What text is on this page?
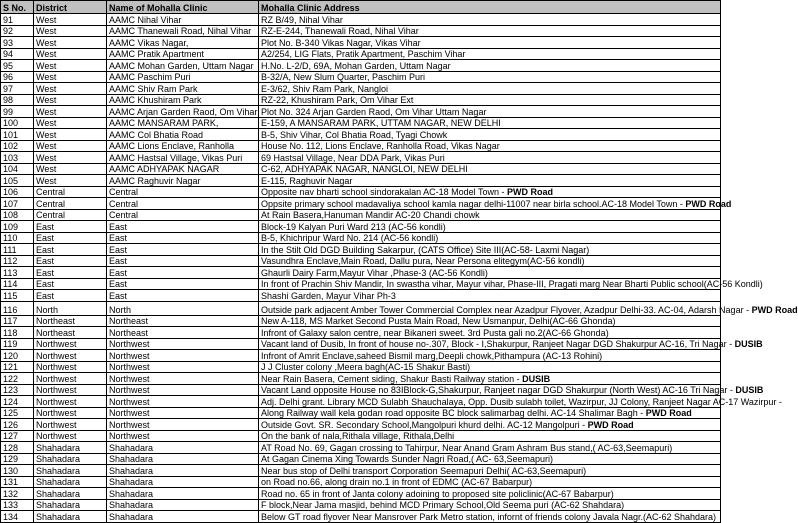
S No.	District	Name of Mohalla Clinic	Mohalla Clinic Address
91	West	AAMC Nihal Vihar	RZ B/49, Nihal Vihar
92	West	AAMC Thanewali Road, Nihal Vihar	RZ-E-244, Thanewali Road, Nihal Vihar
93	West	AAMC Vikas Nagar,	Plot No. B-340 Vikas Nagar, Vikas Vihar
94	West	AAMC Pratik Apartment	A2/254, LIG Flats, Pratik Apartment, Paschim Vihar
95	West	AAMC Mohan Garden, Uttam Nagar	H.No. L-2/D, 69A, Mohan Garden, Uttam Nagar
96	West	AAMC Paschim Puri	B-32/A, New Slum Quarter, Paschim Puri
97	West	AAMC Shiv Ram Park	E-3/62, Shiv Ram Park, Nangloi
98	West	AAMC Khushiram Park	RZ-22, Khushiram Park, Om Vihar Ext
99	West	AAMC Arjan Garden Raod, Om Vihar	Plot No. 324 Arjan Garden Raod, Om Vihar Uttam Nagar
100	West	AAMC MANSARAM PARK,	E-159, A MANSARAM PARK, UTTAM NAGAR, NEW DELHI
101	West	AAMC Col Bhatia Road	B-5, Shiv Vihar, Col Bhatia Road, Tyagi Chowk
102	West	AAMC Lions Enclave, Ranholla	House No. 112, Lions Enclave, Ranholla Road, Vikas Nagar
103	West	AAMC Hastsal Village, Vikas Puri	69 Hastsal Village, Near DDA Park, Vikas Puri
104	West	AAMC ADHYAPAK NAGAR	C-62, ADHYAPAK NAGAR, NANGLOI, NEW DELHI
105	West	AAMC Raghuvir Nagar	E-115, Raghuvir Nagar
106	Central	Central	Opposite nav bharti school sindorakalan AC-18 Model Town - PWD Road
107	Central	Central	Oppsite primary school madavaliya school kamla nagar delhi-11007 near birla school.AC-18 Model Town - PWD Road
108	Central	Central	At Rain Basera,Hanuman Mandir AC-20 Chandi chowk
109	East	East	Block-19 Kalyan Puri Ward 213 (AC-56 kondli)
110	East	East	B-5, Khichripur Ward No. 214 (AC-56 kondli)
111	East	East	In the Stilt Old DGD Building Sakarpur, (CATS Office) Site III(AC-58- Laxmi Nagar)
112	East	East	Vasundhra Enclave,Main Road, Dallu pura, Near Persona elitegym(AC-56 kondli)
113	East	East	Ghaurli Dairy Farm,Mayur Vihar ,Phase-3 (AC-56 Kondli)
114	East	East	In front of Prachin Shiv Mandir, In swastha vihar, Mayur vihar, Phase-III, Pragati marg Near Bharti Public school(AC-56 Kondli)
115	East	East	Shashi Garden, Mayur Vihar Ph-3
116	North	North	Outside park adjacent Amber Tower Commercial Complex near Azadpur Flyover, Azadpur Delhi-33. AC-04, Adarsh Nagar - PWD Road
117	Northeast	Northeast	New A-118, MS Market Second Pusta Main Road, New Usmanpur, Delhi(AC-66 Ghonda)
118	Northeast	Northeast	Infront of Galaxy salon centre, near Bikaneri sweet. 3rd Pusta gali no.2(AC-66 Ghonda)
119	Northwest	Northwest	Vacant land of Dusib, In front of house no-.307, Block - I,Shakurpur, Ranjeet Nagar DGD Shakurpur AC-16, Tri Nagar - DUSIB
120	Northwest	Northwest	Infront of Amrit Enclave,saheed Bismil marg,Deepli chowk,Pithampura (AC-13 Rohini)
121	Northwest	Northwest	J J Cluster colony ,Meera bagh(AC-15 Shakur Basti)
122	Northwest	Northwest	Near Rain Basera, Cement siding, Shakur Basti Railway station - DUSIB
123	Northwest	Northwest	Vacant Land opposite House no 83IBlock-G,Shakurpur, Ranjeet nagar DGD Shakurpur (North West) AC-16 Tri Nagar - DUSIB
124	Northwest	Northwest	Adj. Delhi grant. Library MCD Sulabh Shauchalaya, Opp. Dusib sulabh toilet, Wazirpur, JJ Colony, Ranjeet Nagar AC-17 Wazirpur -
125	Northwest	Northwest	Along Railway wall kela godan road opposite BC block salimarbag delhi. AC-14 Shalimar Bagh - PWD Road
126	Northwest	Northwest	Outside Govt. SR. Secondary School,Mangolpuri khurd delhi. AC-12 Mangolpuri - PWD Road
127	Northwest	Northwest	On the bank of nala,Rithala village, Rithala,Delhi
128	Shahadara	Shahadara	AT Road No. 69, Gagan crossing to Tahirpur, Near Anand Gram Ashram Bus stand,( AC-63,Seemapuri)
129	Shahadara	Shahadara	At Gagan Cinema Xing Towards Sunder Nagri Road,( AC- 63,Seemapuri)
130	Shahadara	Shahadara	Near bus stop of Delhi transport Corporation Seemapuri Delhi( AC-63,Seemapuri)
131	Shahadara	Shahadara	on Road no.66, along drain no.1 in front of EDMC (AC-67 Babarpur)
132	Shahadara	Shahadara	Road no. 65 in front of Janta colony adoining to proposed site policlinic(AC-67 Babarpur)
133	Shahadara	Shahadara	F block,Near Jama masjid, behind MCD Primary School,Old Seema puri (AC-62 Shahdara)
134	Shahadara	Shahadara	Below GT road flyover Near Mansrover Park Metro station, infornt of friends colony Javala Nagr.(AC-62 Shahdara)
